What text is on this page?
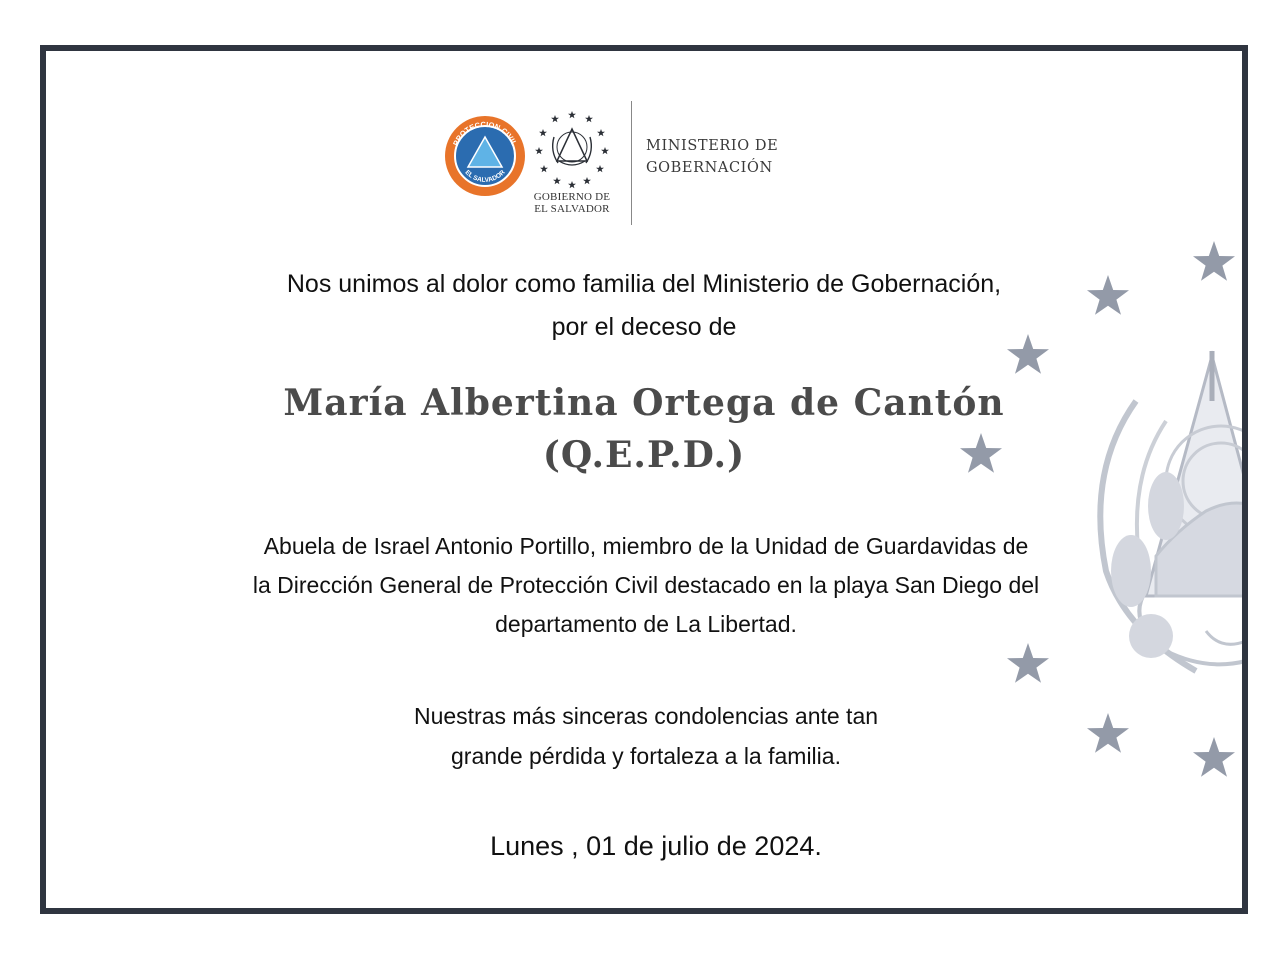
PROTECCION CIVIL
EL SALVADOR
GOBIERNO DE
EL SALVADOR
MINISTERIO DE
GOBERNACIÓN
Nos unimos al dolor como familia del Ministerio de Gobernación,
por el deceso de
María Albertina Ortega de Cantón
(Q.E.P.D.)
Abuela de Israel Antonio Portillo, miembro de la Unidad de Guardavidas de
la Dirección General de Protección Civil destacado en la playa San Diego del
departamento de La Libertad.
Nuestras más sinceras condolencias ante tan
grande pérdida y fortaleza a la familia.
Lunes , 01 de julio de 2024.
